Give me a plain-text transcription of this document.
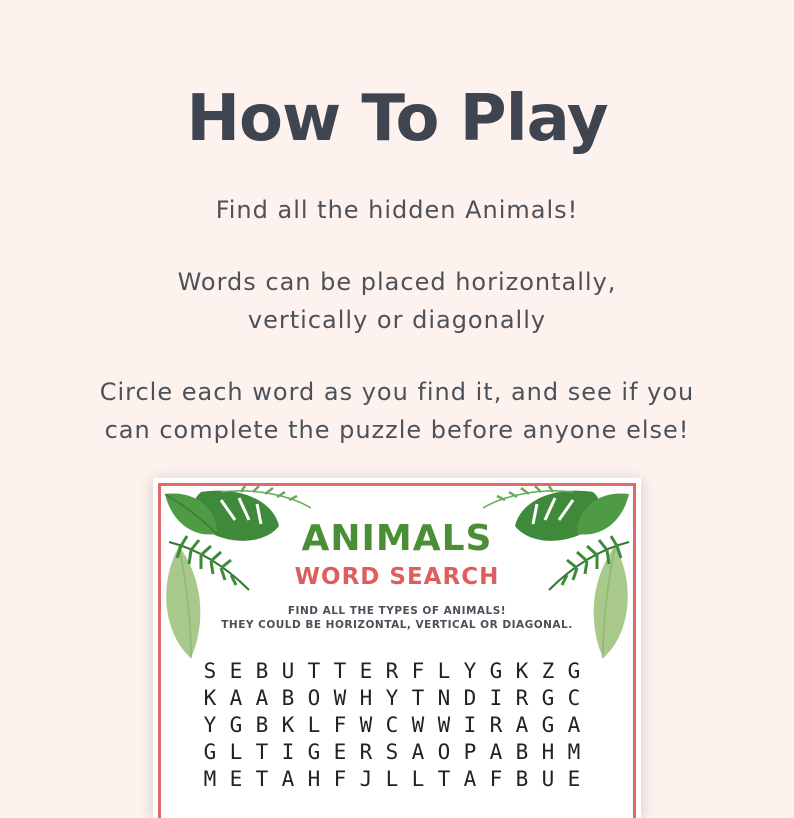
How To Play
Find all the hidden Animals!
Words can be placed horizontally,
vertically or diagonally
Circle each word as you find it, and see if you
can complete the puzzle before anyone else!
ANIMALS
WORD SEARCH
FIND ALL THE TYPES OF ANIMALS!
THEY COULD BE HORIZONTAL, VERTICAL OR DIAGONAL.
S E B U T T E R F L Y G K Z G
K A A B O W H Y T N D I R G C
Y G B K L F W C W W I R A G A
G L T I G E R S A O P A B H M
M E T A H F J L L T A F B U E
